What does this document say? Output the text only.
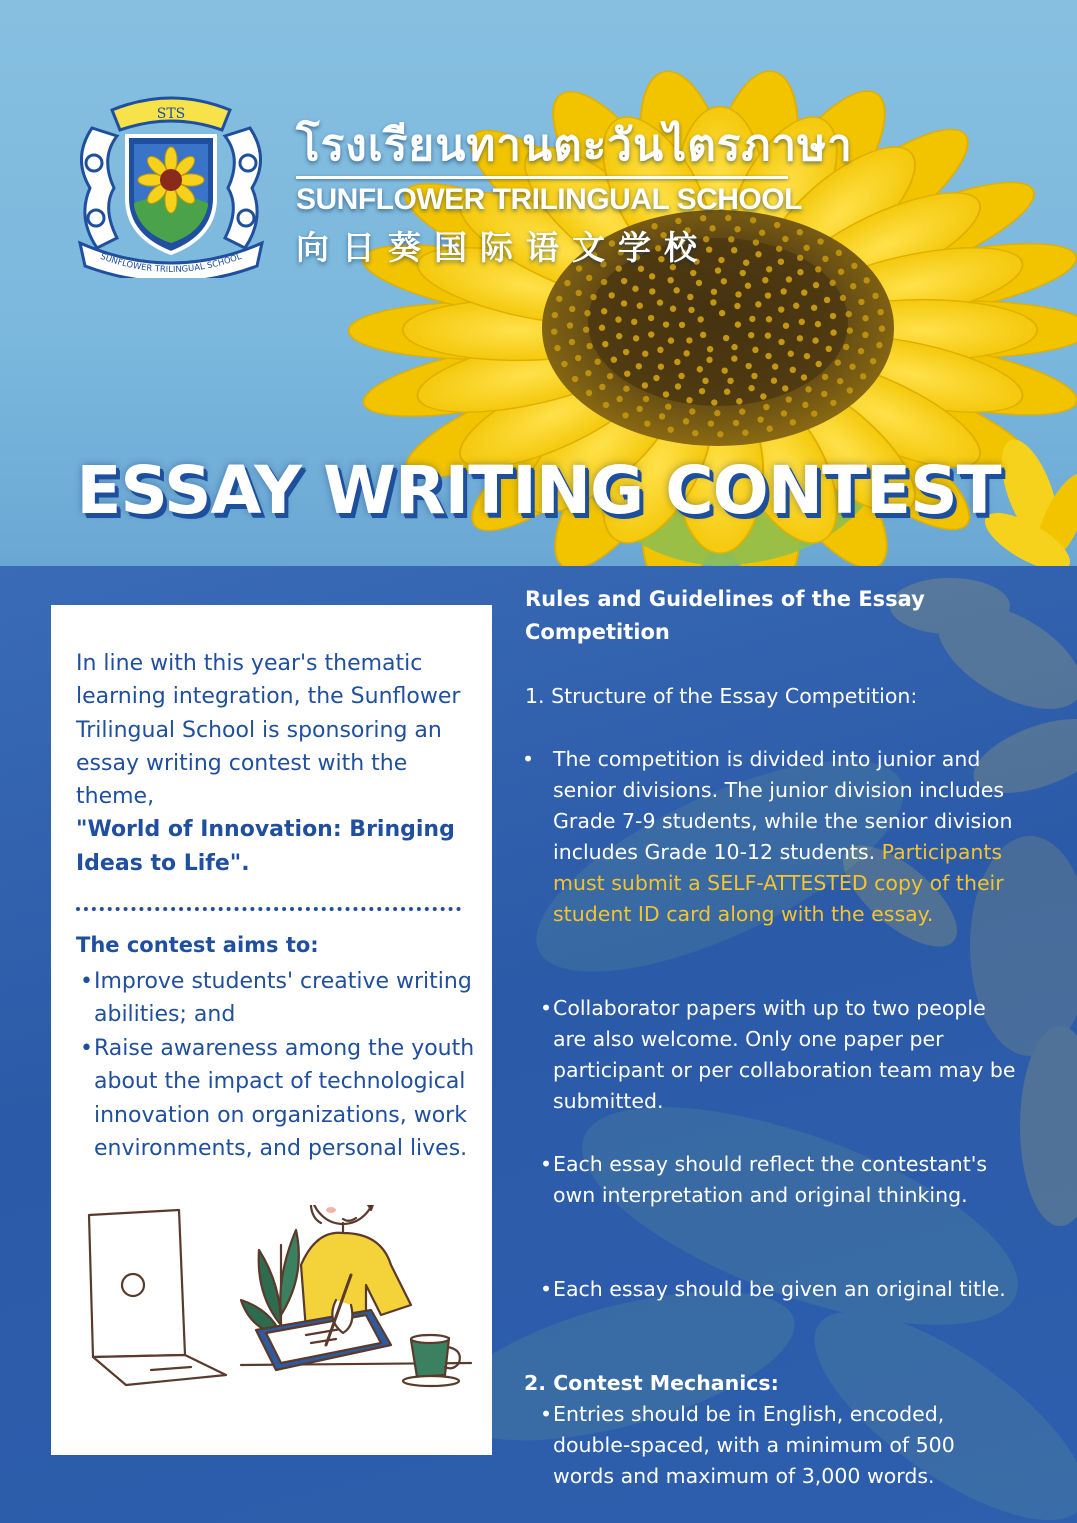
STS
SUNFLOWER TRILINGUAL SCHOOL
โรงเรียนทานตะวันไตรภาษา
SUNFLOWER TRILINGUAL SCHOOL
向日葵国际语文学校
ESSAY WRITING CONTEST
In line with this year's thematic learning integration, the Sunflower Trilingual School is sponsoring an essay writing contest with the theme,
"World of Innovation: Bringing Ideas to Life".
The contest aims to:
• Improve students' creative writing abilities; and
• Raise awareness among the youth about the impact of technological innovation on organizations, work environments, and personal lives.
Rules and Guidelines of the Essay Competition
1. Structure of the Essay Competition:
• The competition is divided into junior and senior divisions. The junior division includes Grade 7-9 students, while the senior division includes Grade 10-12 students. Participants must submit a SELF-ATTESTED copy of their student ID card along with the essay.
• Collaborator papers with up to two people are also welcome. Only one paper per participant or per collaboration team may be submitted.
• Each essay should reflect the contestant's own interpretation and original thinking.
• Each essay should be given an original title.
2. Contest Mechanics:
• Entries should be in English, encoded, double-spaced, with a minimum of 500 words and maximum of 3,000 words.
